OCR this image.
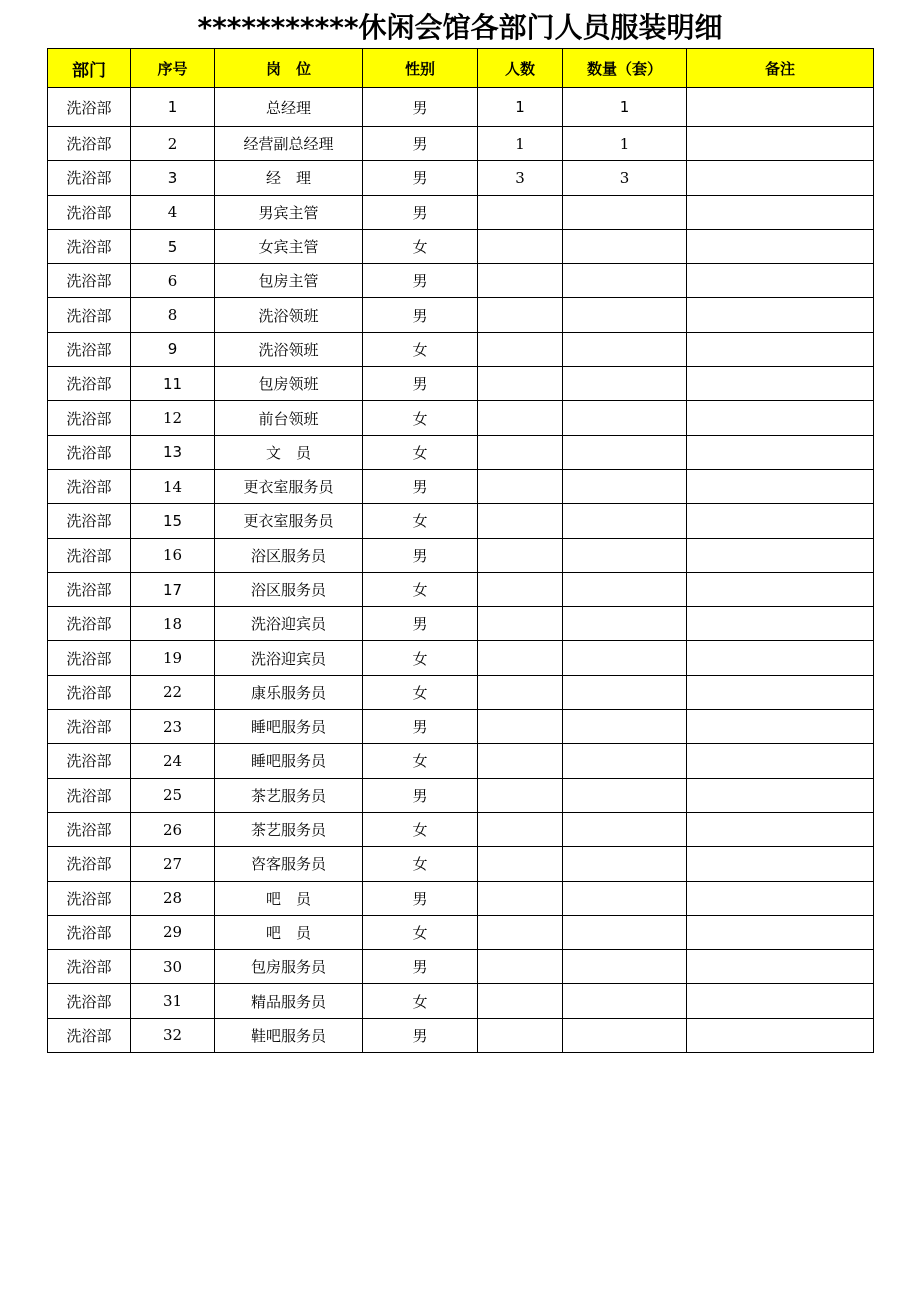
***********休闲会馆各部门人员服装明细
部门	序号	岗　位	性别	人数	数量（套）	备注
洗浴部	1	总经理	男	1	1	
洗浴部	2	经营副总经理	男	1	1	
洗浴部	3	经　理	男	3	3	
洗浴部	4	男宾主管	男			
洗浴部	5	女宾主管	女			
洗浴部	6	包房主管	男			
洗浴部	8	洗浴领班	男			
洗浴部	9	洗浴领班	女			
洗浴部	11	包房领班	男			
洗浴部	12	前台领班	女			
洗浴部	13	文　员	女			
洗浴部	14	更衣室服务员	男			
洗浴部	15	更衣室服务员	女			
洗浴部	16	浴区服务员	男			
洗浴部	17	浴区服务员	女			
洗浴部	18	洗浴迎宾员	男			
洗浴部	19	洗浴迎宾员	女			
洗浴部	22	康乐服务员	女			
洗浴部	23	睡吧服务员	男			
洗浴部	24	睡吧服务员	女			
洗浴部	25	茶艺服务员	男			
洗浴部	26	茶艺服务员	女			
洗浴部	27	咨客服务员	女			
洗浴部	28	吧　员	男			
洗浴部	29	吧　员	女			
洗浴部	30	包房服务员	男			
洗浴部	31	精品服务员	女			
洗浴部	32	鞋吧服务员	男			
